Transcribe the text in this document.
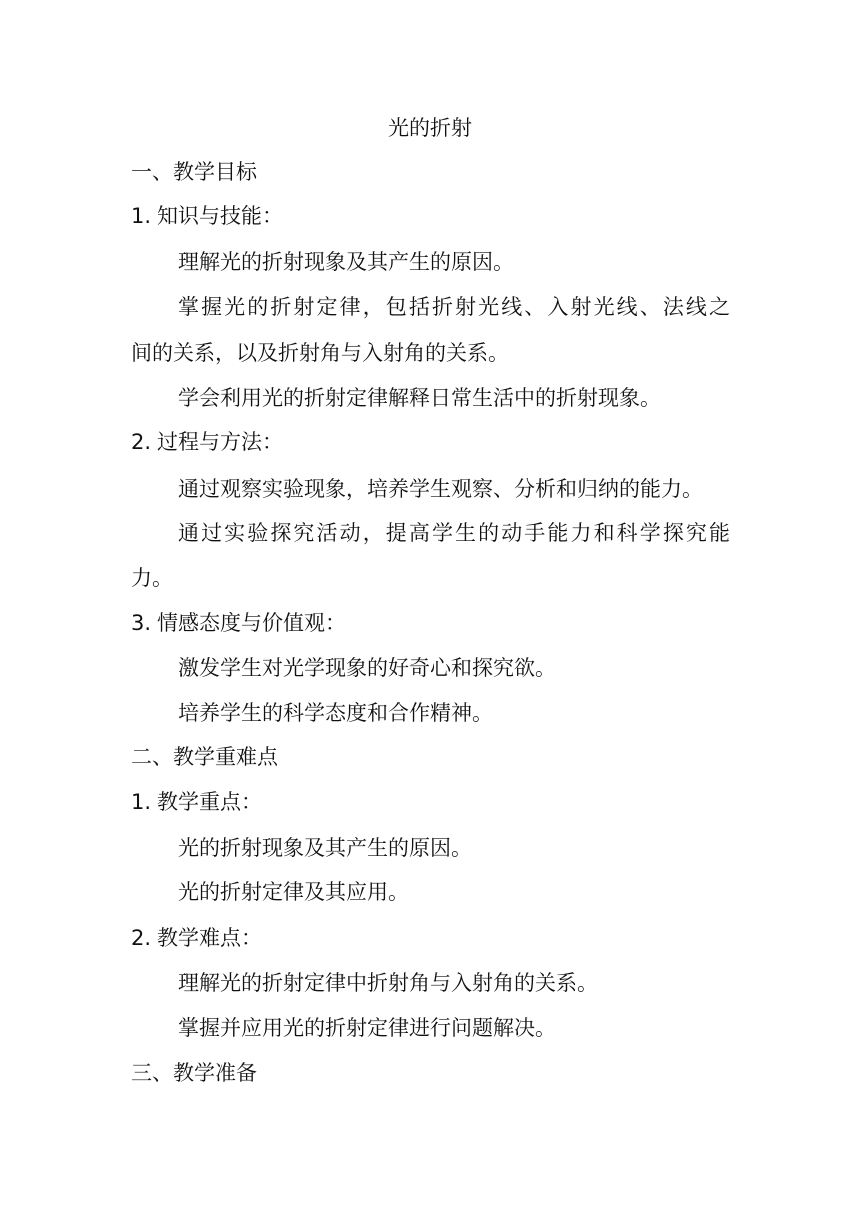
光的折射
一、教学目标
1. 知识与技能：
理解光的折射现象及其产生的原因。
掌握光的折射定律，包括折射光线、入射光线、法线之
间的关系，以及折射角与入射角的关系。
学会利用光的折射定律解释日常生活中的折射现象。
2. 过程与方法：
通过观察实验现象，培养学生观察、分析和归纳的能力。
通过实验探究活动，提高学生的动手能力和科学探究能
力。
3. 情感态度与价值观：
激发学生对光学现象的好奇心和探究欲。
培养学生的科学态度和合作精神。
二、教学重难点
1. 教学重点：
光的折射现象及其产生的原因。
光的折射定律及其应用。
2. 教学难点：
理解光的折射定律中折射角与入射角的关系。
掌握并应用光的折射定律进行问题解决。
三、教学准备
